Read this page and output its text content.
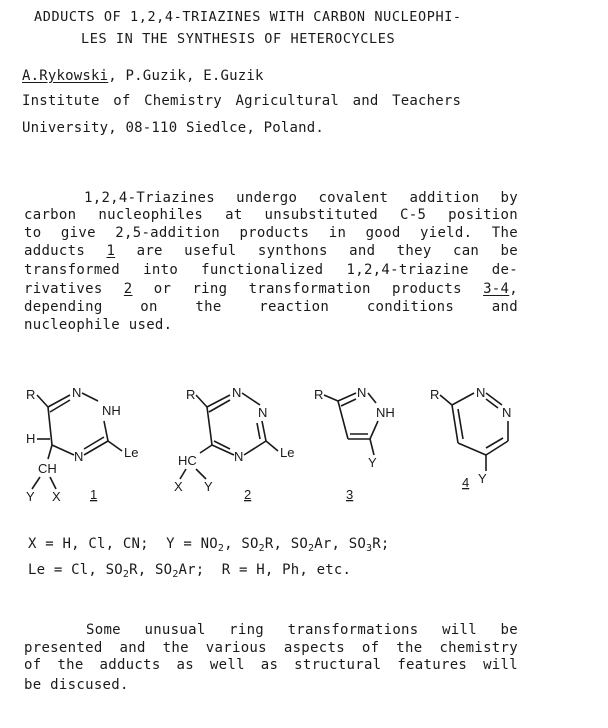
ADDUCTS OF 1,2,4-TRIAZINES WITH CARBON NUCLEOPHI-
LES IN THE SYNTHESIS OF HETEROCYCLES
A.Rykowski, P.Guzik, E.Guzik
Institute of Chemistry Agricultural and Teachers
University, 08-110 Siedlce, Poland.
1,2,4-Triazines undergo covalent addition by
carbon nucleophiles at unsubstituted C-5 position
to give 2,5-addition products in good yield. The
adducts 1 are useful synthons and they can be
transformed into functionalized 1,2,4-triazine de-
rivatives 2 or ring transformation products 3-4,
depending on the reaction conditions and
nucleophile used.
R	N
NH
Le
N
H
CH
Y X 1
R	N
N
Le
N
HC
X Y
2
R	N
NH
Y
3
R	N
N
Y
4
X = H, Cl, CN; $Y = NO_2$, $SO_2R$, $SO_2Ar$, $SO_3R$;
Le = Cl, $SO_2R$, $SO_2Ar$; R = H, Ph, etc.
Some unusual ring transformations will be
presented and the various aspects of the chemistry
of the adducts as well as structural features will
be discused.
